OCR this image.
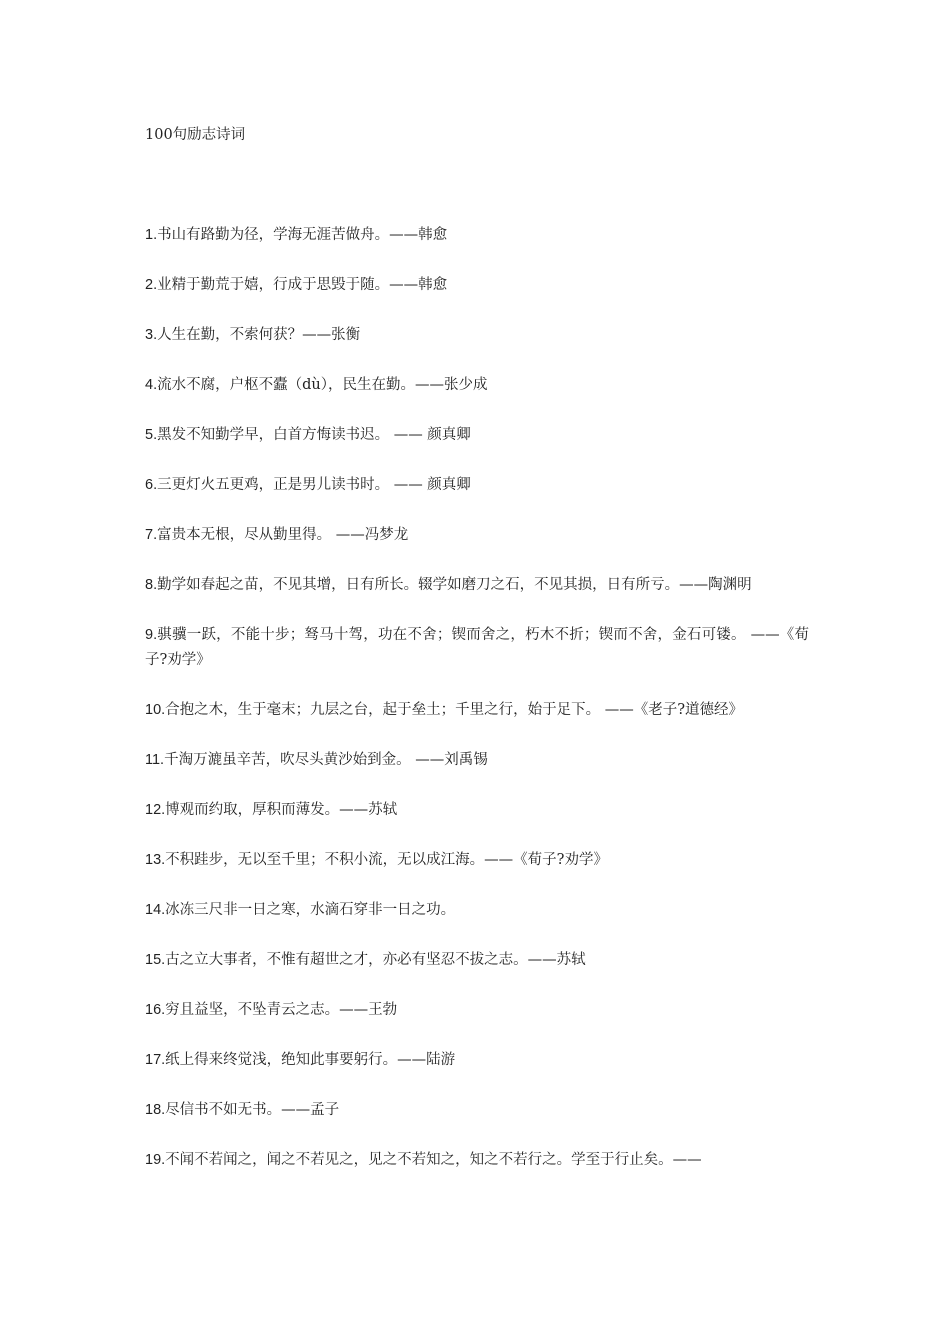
100句励志诗词

1.书山有路勤为径，学海无涯苦做舟。——韩愈

2.业精于勤荒于嬉，行成于思毁于随。——韩愈

3.人生在勤，不索何获？——张衡

4.流水不腐，户枢不蠹（dù），民生在勤。——张少成

5.黑发不知勤学早，白首方悔读书迟。 —— 颜真卿

6.三更灯火五更鸡，正是男儿读书时。 —— 颜真卿

7.富贵本无根，尽从勤里得。 ——冯梦龙

8.勤学如春起之苗，不见其增，日有所长。辍学如磨刀之石，不见其损，日有所亏。——陶渊明

9.骐骥一跃，不能十步；驽马十驾，功在不舍；锲而舍之，朽木不折；锲而不舍，金石可镂。 ——《荀子?劝学》

10.合抱之木，生于毫末；九层之台，起于垒土；千里之行，始于足下。 ——《老子?道德经》

11.千淘万漉虽辛苦，吹尽头黄沙始到金。 ——刘禹锡

12.博观而约取，厚积而薄发。——苏轼

13.不积跬步，无以至千里；不积小流，无以成江海。——《荀子?劝学》

14.冰冻三尺非一日之寒，水滴石穿非一日之功。

15.古之立大事者，不惟有超世之才，亦必有坚忍不拔之志。——苏轼

16.穷且益坚，不坠青云之志。——王勃

17.纸上得来终觉浅，绝知此事要躬行。——陆游

18.尽信书不如无书。——孟子

19.不闻不若闻之，闻之不若见之，见之不若知之，知之不若行之。学至于行止矣。——
